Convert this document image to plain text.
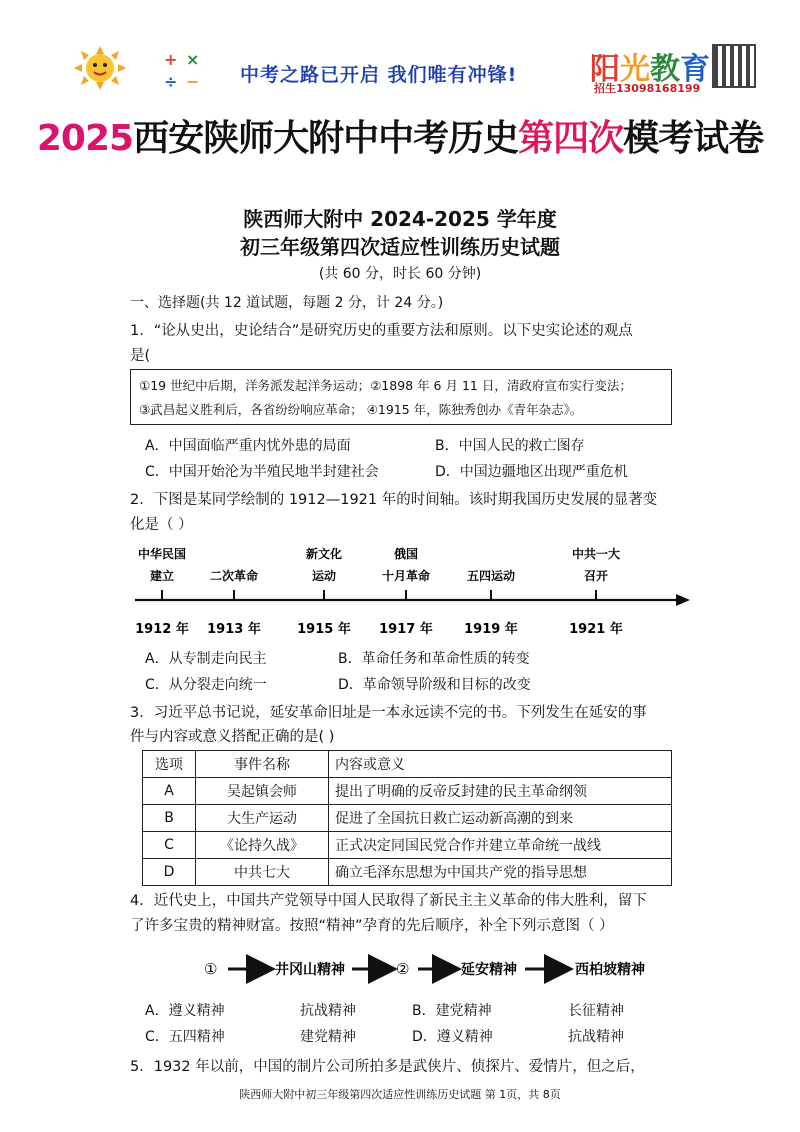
+ ×
÷ − 中考之路已开启 我们唯有冲锋! 阳光教育
招生13098168199
2025西安陕师大附中中考历史第四次模考试卷
陕西师大附中 2024-2025 学年度
初三年级第四次适应性训练历史试题
(共 60 分，时长 60 分钟)
一、选择题(共 12 道试题，每题 2 分，计 24 分。)
1．“论从史出，史论结合”是研究历史的重要方法和原则。以下史实论述的观点
是(
①19 世纪中后期，洋务派发起洋务运动；②1898 年 6 月 11 日，清政府宣布实行变法；
③武昌起义胜利后，各省纷纷响应革命； ④1915 年，陈独秀创办《青年杂志》。
A．中国面临严重内忧外患的局面	B．中国人民的救亡图存
C．中国开始沦为半殖民地半封建社会	D．中国边疆地区出现严重危机
2．下图是某同学绘制的 1912—1921 年的时间轴。该时期我国历史发展的显著变
化是（ ）
中华民国
建立
1912 年
二次革命
1913 年
新文化
运动
1915 年
俄国
十月革命
1917 年
五四运动
1919 年
中共一大
召开
1921 年
A．从专制走向民主	B．革命任务和革命性质的转变
C．从分裂走向统一	D．革命领导阶级和目标的改变
3．习近平总书记说，延安革命旧址是一本永远读不完的书。下列发生在延安的事
件与内容或意义搭配正确的是( )
选项	事件名称	内容或意义
A	吴起镇会师	提出了明确的反帝反封建的民主革命纲领
B	大生产运动	促进了全国抗日救亡运动新高潮的到来
C	《论持久战》	正式决定同国民党合作并建立革命统一战线
D	中共七大	确立毛泽东思想为中国共产党的指导思想
4．近代史上，中国共产党领导中国人民取得了新民主主义革命的伟大胜利，留下
了许多宝贵的精神财富。按照“精神”孕育的先后顺序，补全下列示意图（ ）
①	井冈山精神	②	延安精神	西柏坡精神
A．遵义精神	抗战精神	B．建党精神	长征精神
C．五四精神	建党精神	D．遵义精神	抗战精神
5．1932 年以前，中国的制片公司所拍多是武侠片、侦探片、爱情片，但之后，
陕西师大附中初三年级第四次适应性训练历史试题 第 1页，共 8页
